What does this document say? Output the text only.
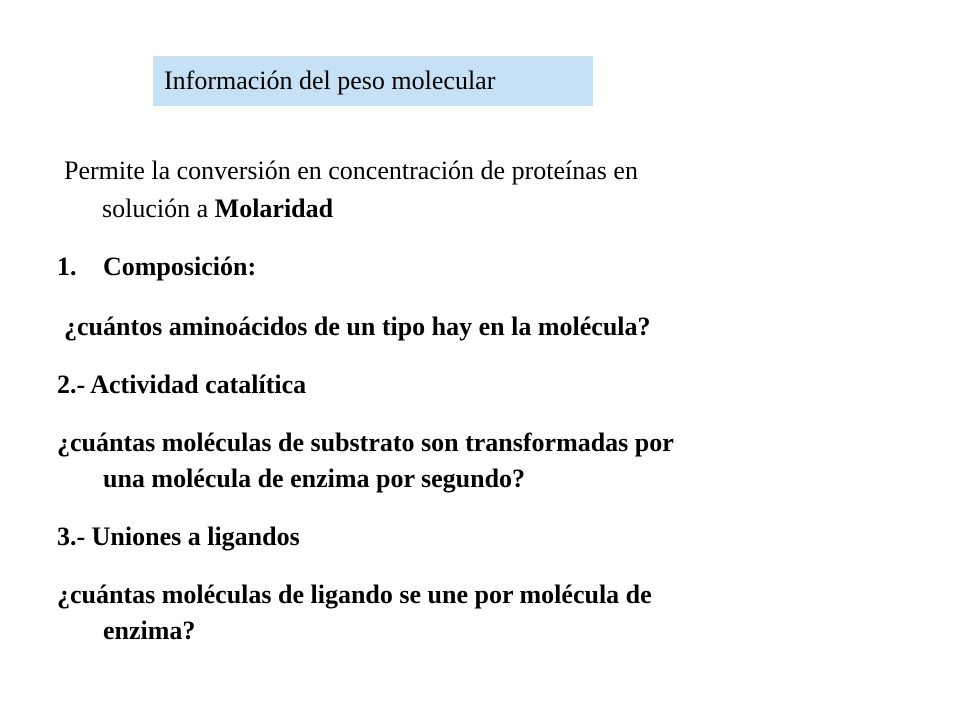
Información del peso molecular
Permite la conversión en concentración de proteínas en
solución a Molaridad
1. Composición:
¿cuántos aminoácidos de un tipo hay en la molécula?
2.- Actividad catalítica
¿cuántas moléculas de substrato son transformadas por
una molécula de enzima por segundo?
3.- Uniones a ligandos
¿cuántas moléculas de ligando se une por molécula de
enzima?
